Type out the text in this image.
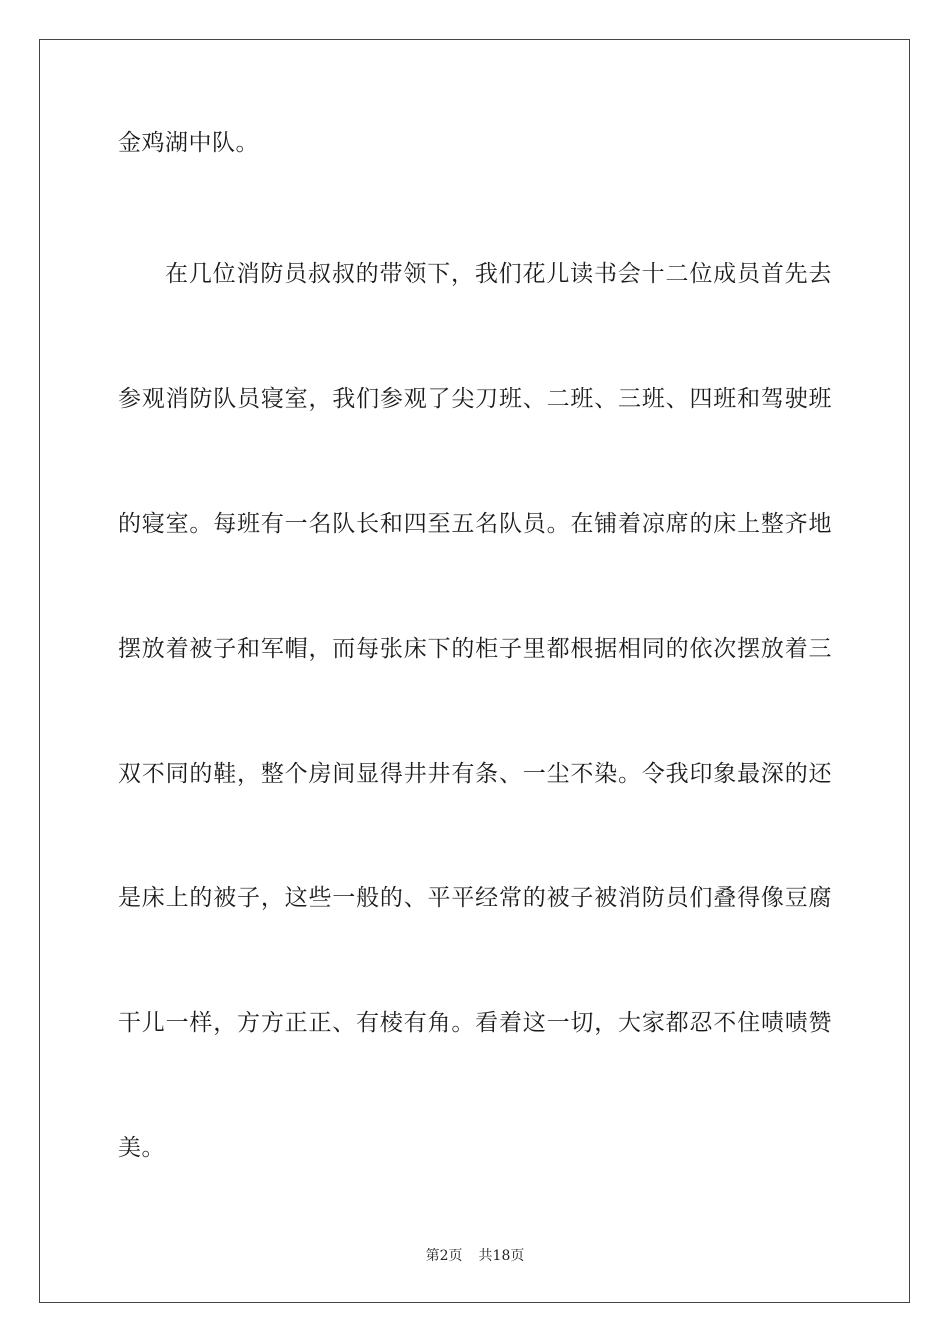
金鸡湖中队。
在几位消防员叔叔的带领下，我们花儿读书会十二位成员首先去
参观消防队员寝室，我们参观了尖刀班、二班、三班、四班和驾驶班
的寝室。每班有一名队长和四至五名队员。在铺着凉席的床上整齐地
摆放着被子和军帽，而每张床下的柜子里都根据相同的依次摆放着三
双不同的鞋，整个房间显得井井有条、一尘不染。令我印象最深的还
是床上的被子，这些一般的、平平经常的被子被消防员们叠得像豆腐
干儿一样，方方正正、有棱有角。看着这一切，大家都忍不住啧啧赞
美。
第2页 共18页
